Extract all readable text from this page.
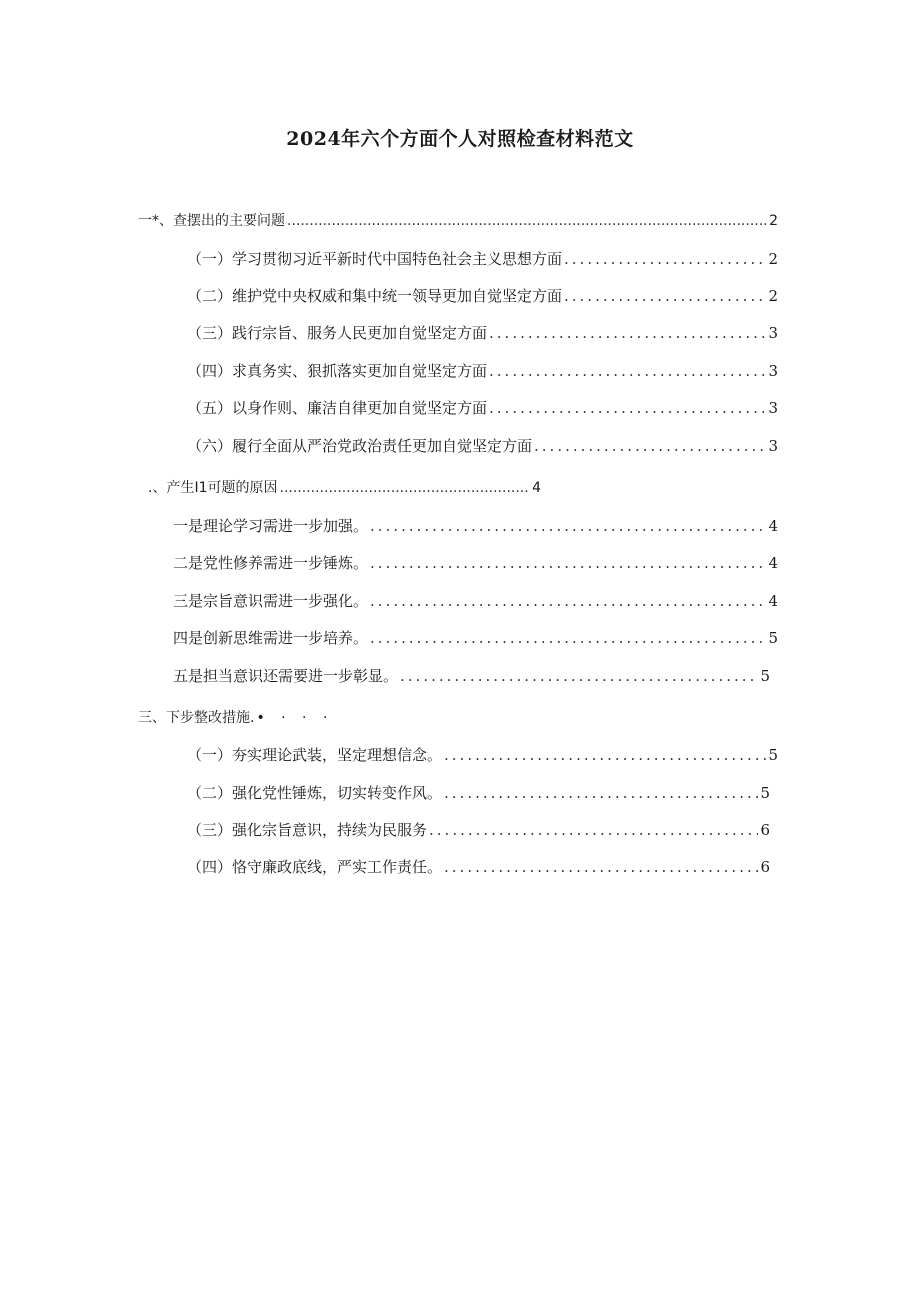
2024年六个方面个人对照检查材料范文
一*、查摆出的主要问题 .....	2
（一）学习贯彻习近平新时代中国特色社会主义思想方面 .....	2
（二）维护党中央权威和集中统一领导更加自觉坚定方面 .....	2
（三）践行宗旨、服务人民更加自觉坚定方面 .....	3
（四）求真务实、狠抓落实更加自觉坚定方面 .....	3
（五）以身作则、廉洁自律更加自觉坚定方面 .....	3
（六）履行全面从严治党政治责任更加自觉坚定方面 .....	3
.、产生I1可题的原因 .....	4
一是理论学习需进一步加强。 .....	4
二是党性修养需进一步锤炼。 .....	4
三是宗旨意识需进一步强化。 .....	4
四是创新思维需进一步培养。 .....	5
五是担当意识还需要进一步彰显。 .....	5
三、下步整改措施. • · · ·
（一）夯实理论武装，坚定理想信念。 .....	5
（二）强化党性锤炼，切实转变作风。 .....	5
（三）强化宗旨意识，持续为民服务 .....	6
（四）恪守廉政底线，严实工作责任。 .....	6
